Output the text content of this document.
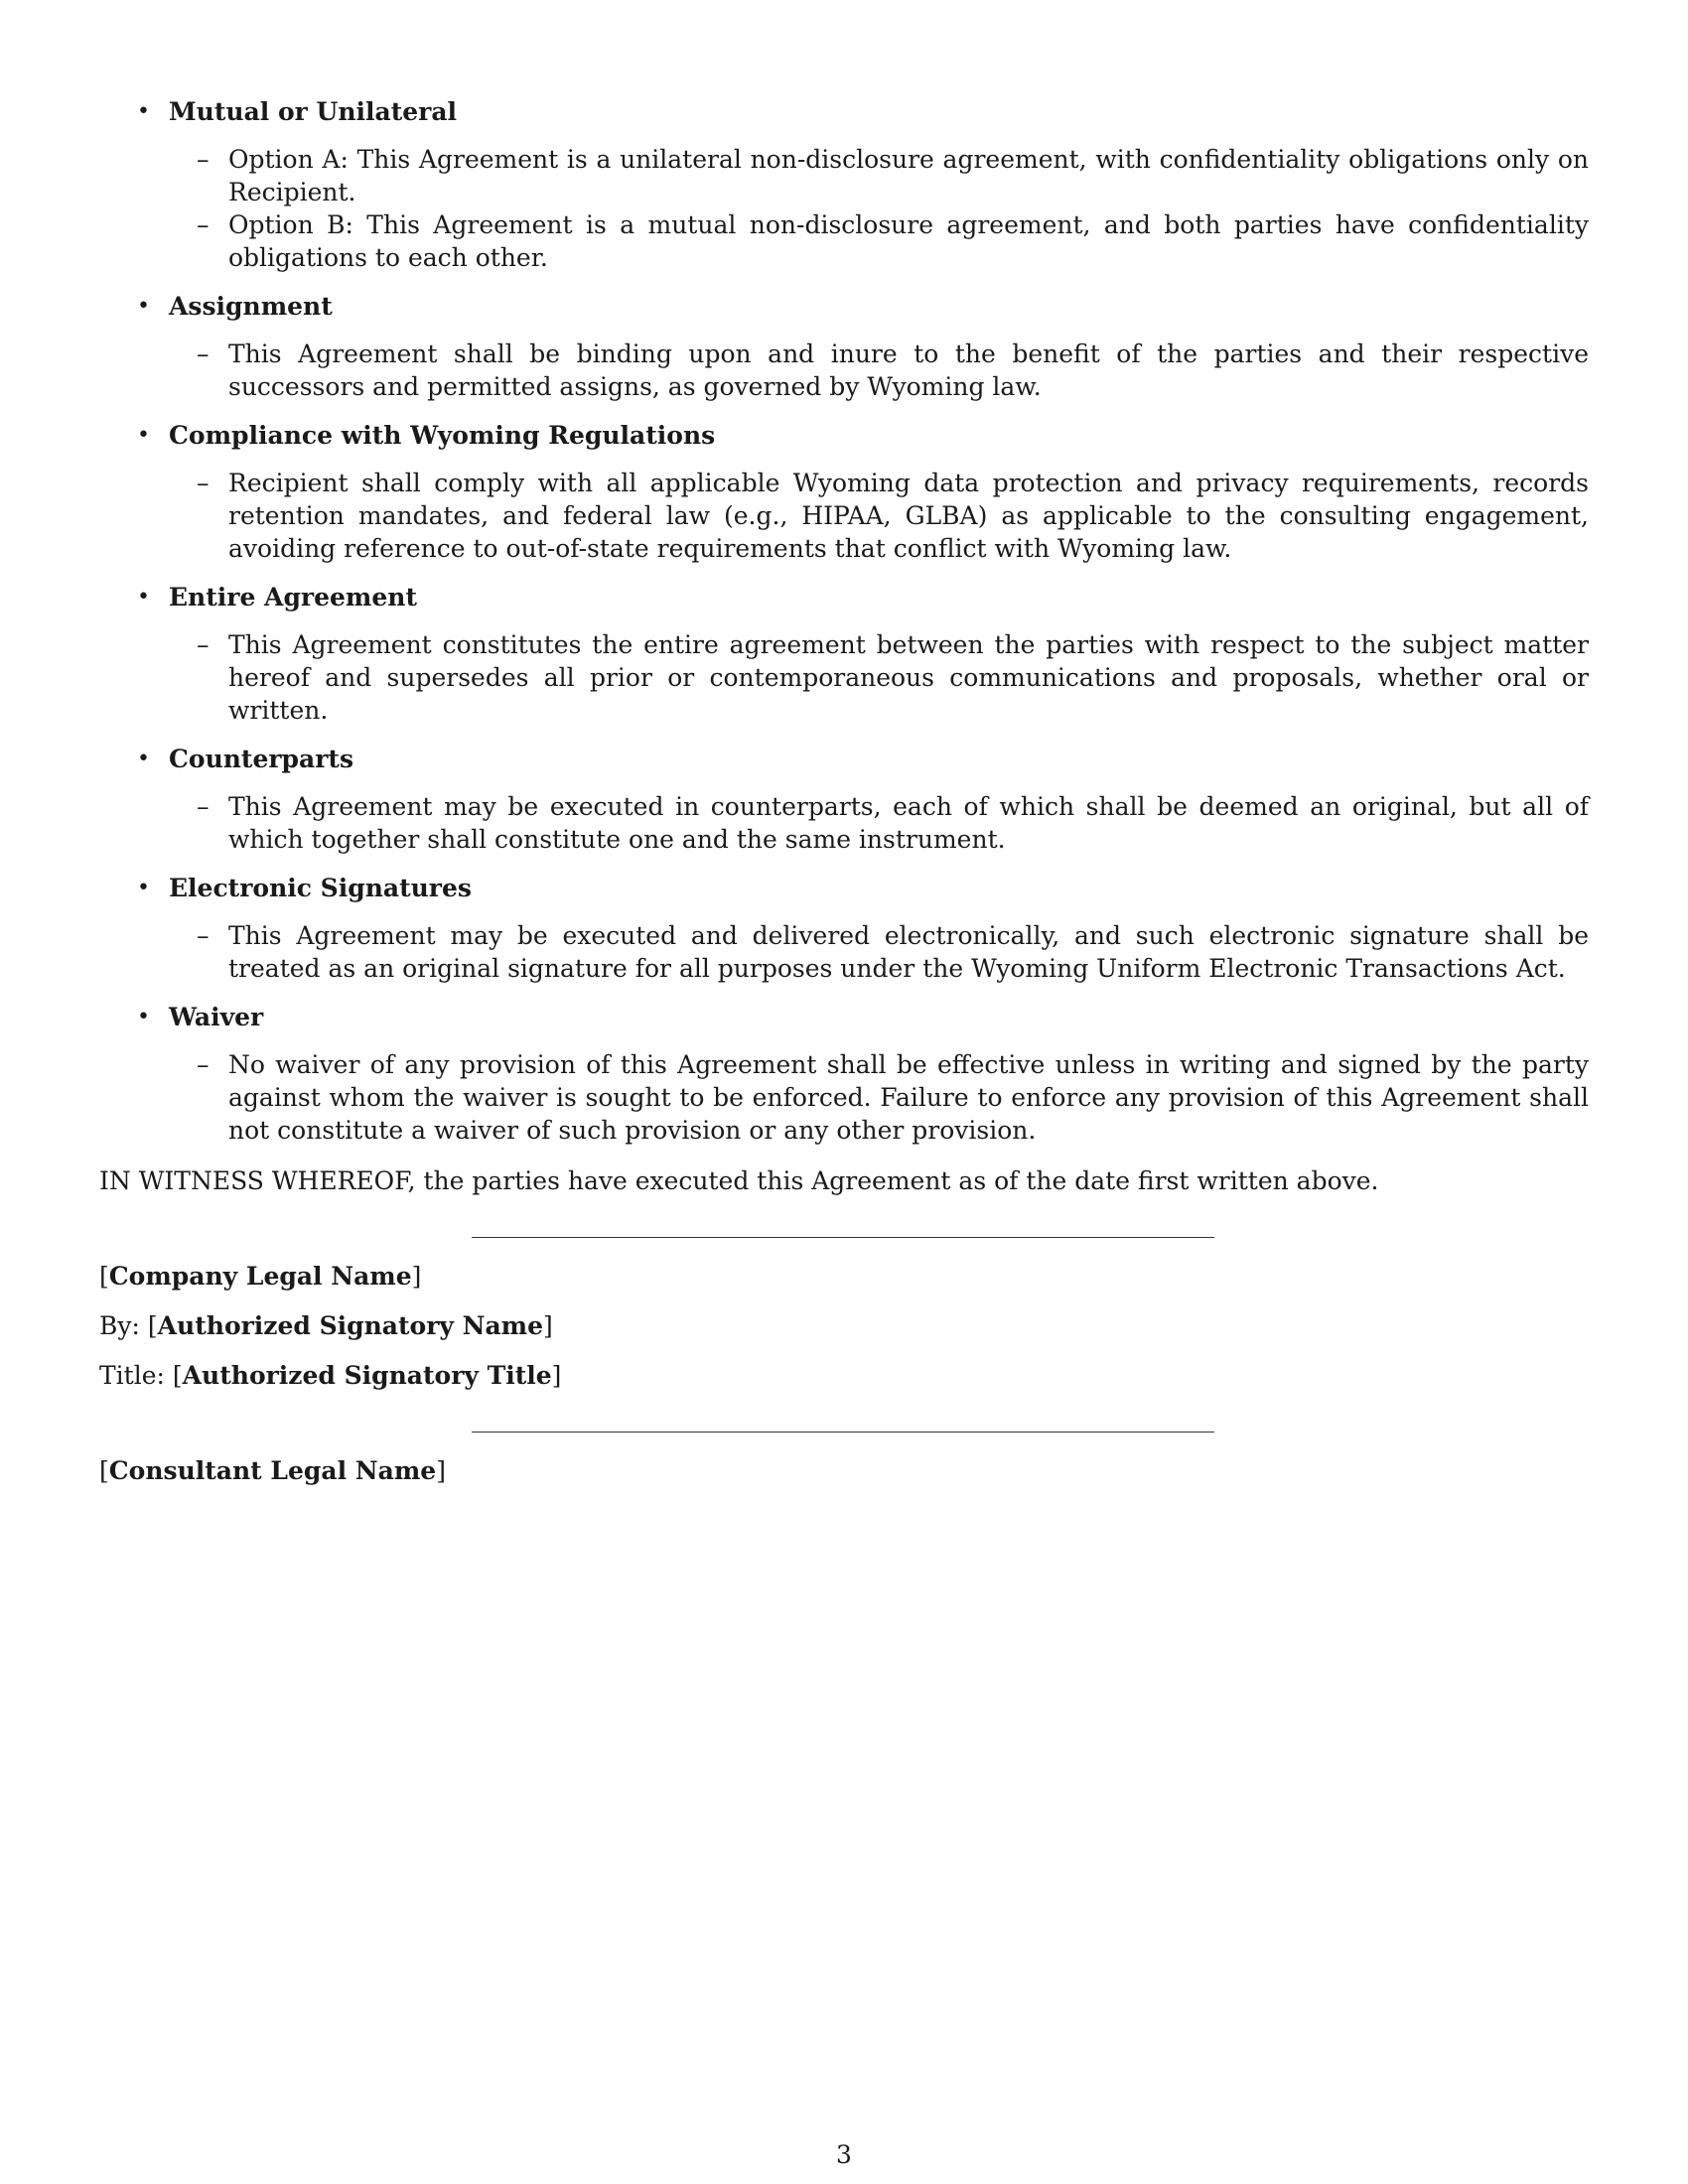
• Mutual or Unilateral
– Option A: This Agreement is a unilateral non-disclosure agreement, with confidentiality obligations only on Recipient.
– Option B: This Agreement is a mutual non-disclosure agreement, and both parties have confidentiality obligations to each other.
• Assignment
– This Agreement shall be binding upon and inure to the benefit of the parties and their respective successors and permitted assigns, as governed by Wyoming law.
• Compliance with Wyoming Regulations
– Recipient shall comply with all applicable Wyoming data protection and privacy requirements, records retention mandates, and federal law (e.g., HIPAA, GLBA) as applicable to the consulting engagement, avoiding reference to out-of-state requirements that conflict with Wyoming law.
• Entire Agreement
– This Agreement constitutes the entire agreement between the parties with respect to the subject matter hereof and supersedes all prior or contemporaneous communications and proposals, whether oral or written.
• Counterparts
– This Agreement may be executed in counterparts, each of which shall be deemed an original, but all of which together shall constitute one and the same instrument.
• Electronic Signatures
– This Agreement may be executed and delivered electronically, and such electronic signature shall be treated as an original signature for all purposes under the Wyoming Uniform Electronic Transactions Act.
• Waiver
– No waiver of any provision of this Agreement shall be effective unless in writing and signed by the party against whom the waiver is sought to be enforced. Failure to enforce any provision of this Agreement shall not constitute a waiver of such provision or any other provision.

IN WITNESS WHEREOF, the parties have executed this Agreement as of the date first written above.

[Company Legal Name]
By: [Authorized Signatory Name]
Title: [Authorized Signatory Title]
[Consultant Legal Name]
3
